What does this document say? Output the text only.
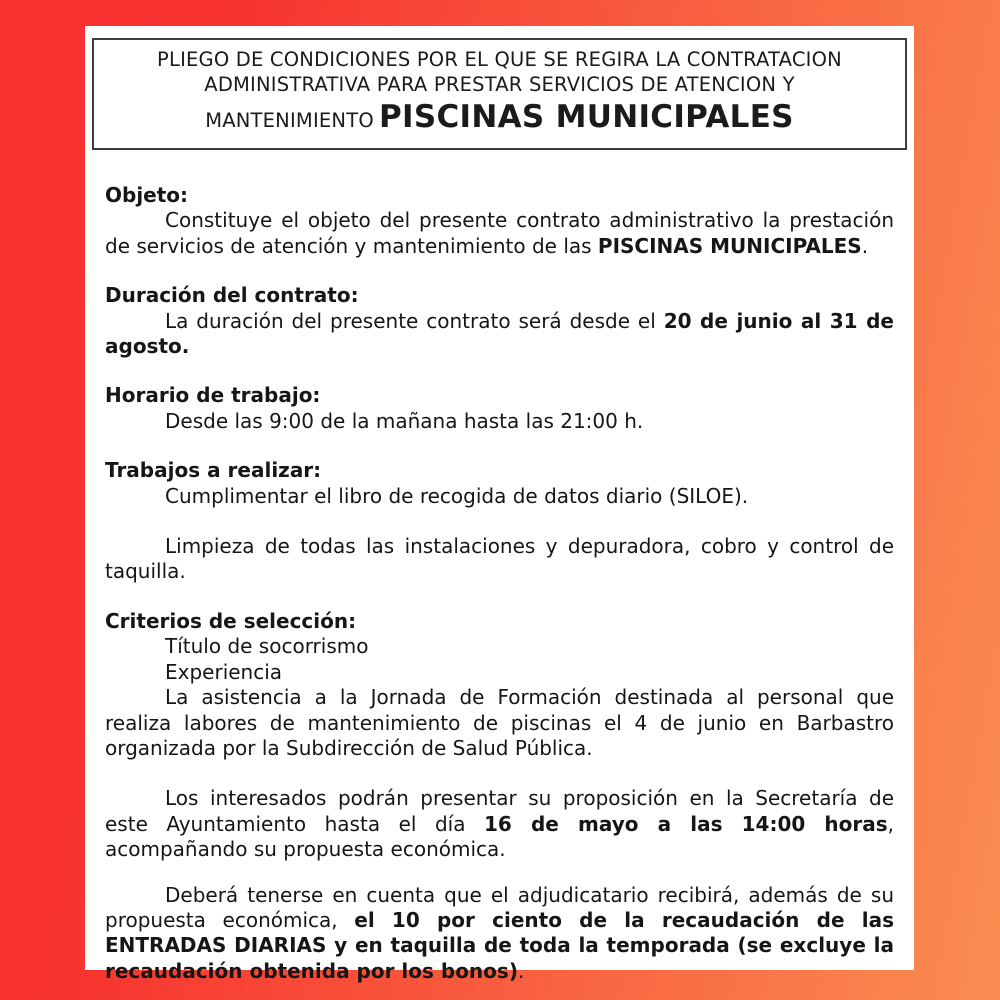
PLIEGO DE CONDICIONES POR EL QUE SE REGIRA LA CONTRATACION
ADMINISTRATIVA PARA PRESTAR SERVICIOS DE ATENCION Y
MANTENIMIENTO PISCINAS MUNICIPALES
Objeto:

Constituye el objeto del presente contrato administrativo la prestación de servicios de atención y mantenimiento de las PISCINAS MUNICIPALES.

Duración del contrato:

La duración del presente contrato será desde el 20 de junio al 31 de agosto.

Horario de trabajo:

Desde las 9:00 de la mañana hasta las 21:00 h.

Trabajos a realizar:

Cumplimentar el libro de recogida de datos diario (SILOE).

Limpieza de todas las instalaciones y depuradora, cobro y control de taquilla.

Criterios de selección:
Título de socorrismo
Experiencia

La asistencia a la Jornada de Formación destinada al personal que realiza labores de mantenimiento de piscinas el 4 de junio en Barbastro organizada por la Subdirección de Salud Pública.

Los interesados podrán presentar su proposición en la Secretaría de este Ayuntamiento hasta el día 16 de mayo a las 14:00 horas, acompañando su propuesta económica.

Deberá tenerse en cuenta que el adjudicatario recibirá, además de su propuesta económica, el 10 por ciento de la recaudación de las ENTRADAS DIARIAS y en taquilla de toda la temporada (se excluye la recaudación obtenida por los bonos).
